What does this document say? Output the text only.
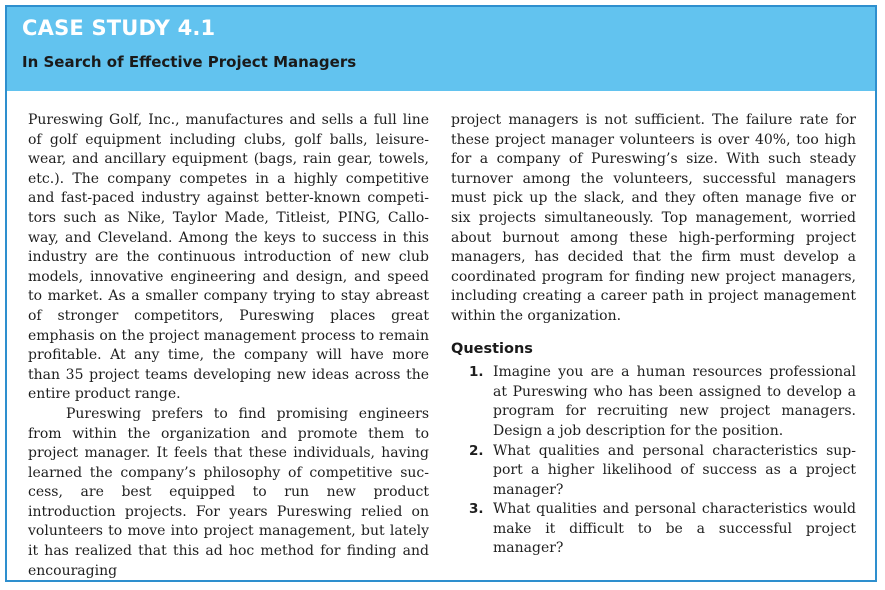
CASE STUDY 4.1
In Search of Effective Project Managers

Pureswing Golf, Inc., manufactures and sells a full line of golf equipment including clubs, golf balls, leisurewear, and ancillary equipment (bags, rain gear, towels, etc.). The company competes in a highly competitive and fast-paced industry against better-known competitors such as Nike, Taylor Made, Titleist, PING, Calloway, and Cleveland. Among the keys to success in this industry are the continuous introduction of new club models, innovative engineering and design, and speed to market. As a smaller company trying to stay abreast of stronger competitors, Pureswing places great emphasis on the project management process to remain profitable. At any time, the company will have more than 35 project teams developing new ideas across the entire product range.

Pureswing prefers to find promising engineers from within the organization and promote them to project manager. It feels that these individuals, having learned the company’s philosophy of competitive success, are best equipped to run new product introduction projects. For years Pureswing relied on volunteers to move into project management, but lately it has realized that this ad hoc method for finding and encouraging

project managers is not sufficient. The failure rate for these project manager volunteers is over 40%, too high for a company of Pureswing’s size. With such steady turnover among the volunteers, successful managers must pick up the slack, and they often manage five or six projects simultaneously. Top management, worried about burnout among these high-performing project managers, has decided that the firm must develop a coordinated program for finding new project managers, including creating a career path in project management within the organization.

Questions
1. Imagine you are a human resources professional at Pureswing who has been assigned to develop a program for recruiting new project managers. Design a job description for the position.
2. What qualities and personal characteristics support a higher likelihood of success as a project manager?
3. What qualities and personal characteristics would make it difficult to be a successful project manager?
